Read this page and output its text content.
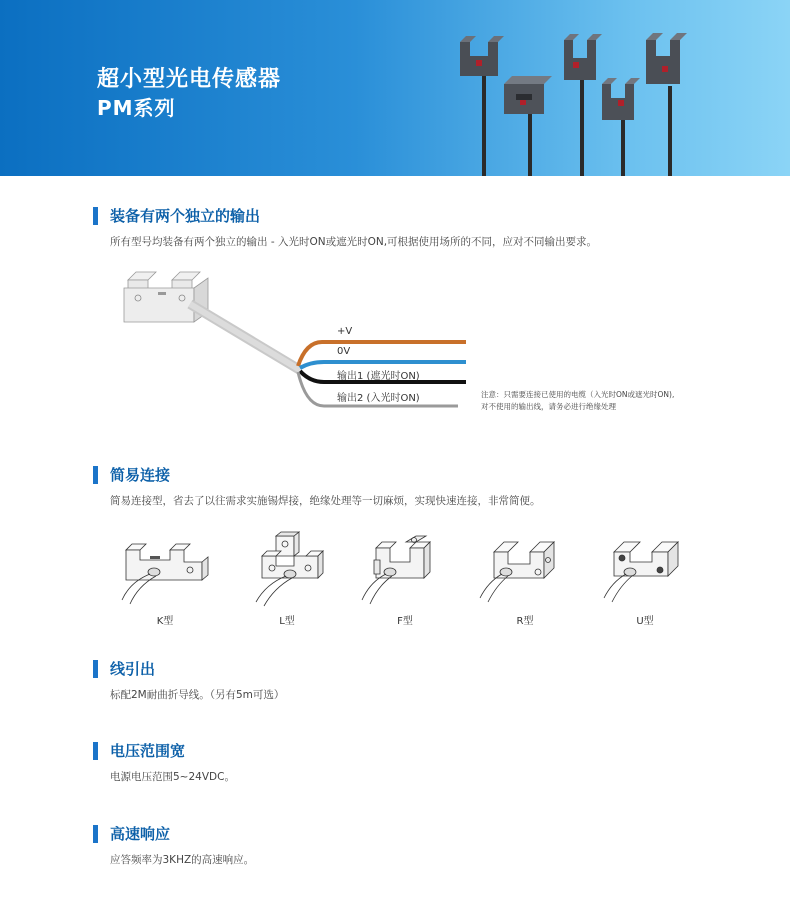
超小型光电传感器
PM系列
装备有两个独立的输出
所有型号均装备有两个独立的输出 - 入光时ON或遮光时ON,可根据使用场所的不同，应对不同输出要求。
+V
0V
输出1 (遮光时ON)
输出2 (入光时ON)	注意：只需要连接已使用的电缆（入光时ON或遮光时ON),
对不使用的输出线，请务必进行绝缘处理
简易连接
简易连接型，省去了以往需求实施锡焊接，绝缘处理等一切麻烦，实现快速连接，非常简便。
K型	L型	F型	R型	U型
线引出
标配2M耐曲折导线。（另有5m可选）
电压范围宽
电源电压范围5~24VDC。
高速响应
应答频率为3KHZ的高速响应。
